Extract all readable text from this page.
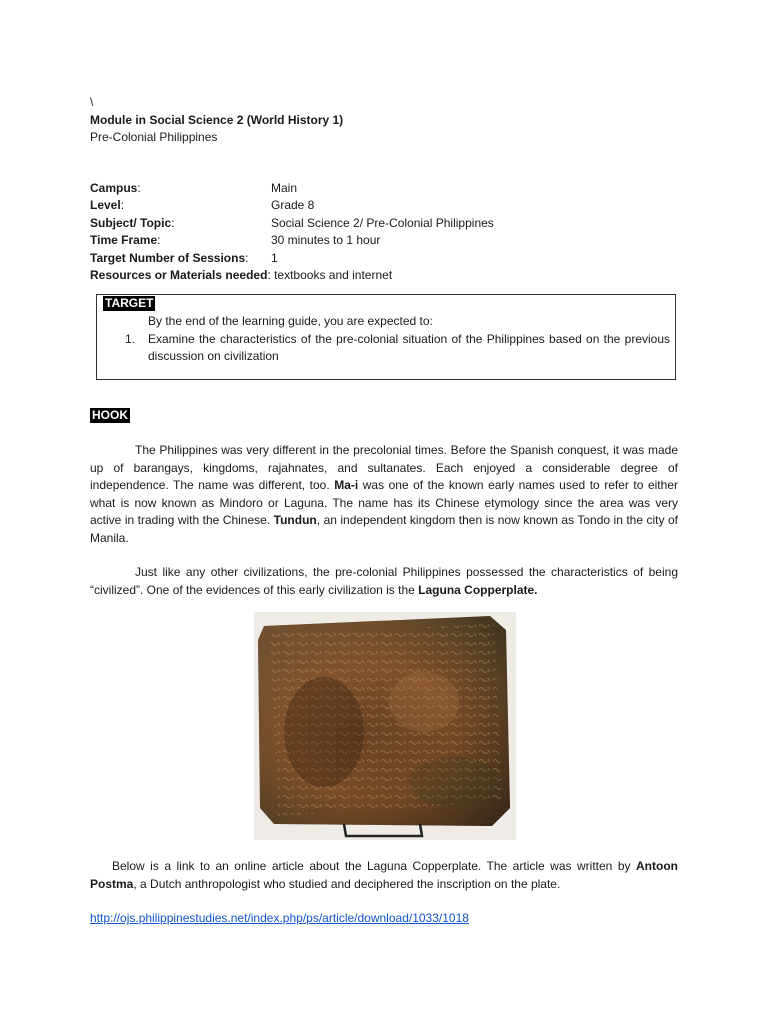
\
Module in Social Science 2 (World History 1)
Pre-Colonial Philippines
Campus:	Main
Level:	Grade 8
Subject/ Topic:	Social Science 2/ Pre-Colonial Philippines
Time Frame:	30 minutes to 1 hour
Target Number of Sessions:	1
Resources or Materials needed: textbooks and internet
TARGET
By the end of the learning guide, you are expected to:
1.	Examine the characteristics of the pre-colonial situation of the Philippines based on the previous discussion on civilization
HOOK
The Philippines was very different in the precolonial times. Before the Spanish conquest, it was made up of barangays, kingdoms, rajahnates, and sultanates. Each enjoyed a considerable degree of independence. The name was different, too. Ma-i was one of the known early names used to refer to either what is now known as Mindoro or Laguna. The name has its Chinese etymology since the area was very active in trading with the Chinese. Tundun, an independent kingdom then is now known as Tondo in the city of Manila.
Just like any other civilizations, the pre-colonial Philippines possessed the characteristics of being “civilized”. One of the evidences of this early civilization is the Laguna Copperplate.
Below is a link to an online article about the Laguna Copperplate. The article was written by Antoon Postma, a Dutch anthropologist who studied and deciphered the inscription on the plate.
http://ojs.philippinestudies.net/index.php/ps/article/download/1033/1018
